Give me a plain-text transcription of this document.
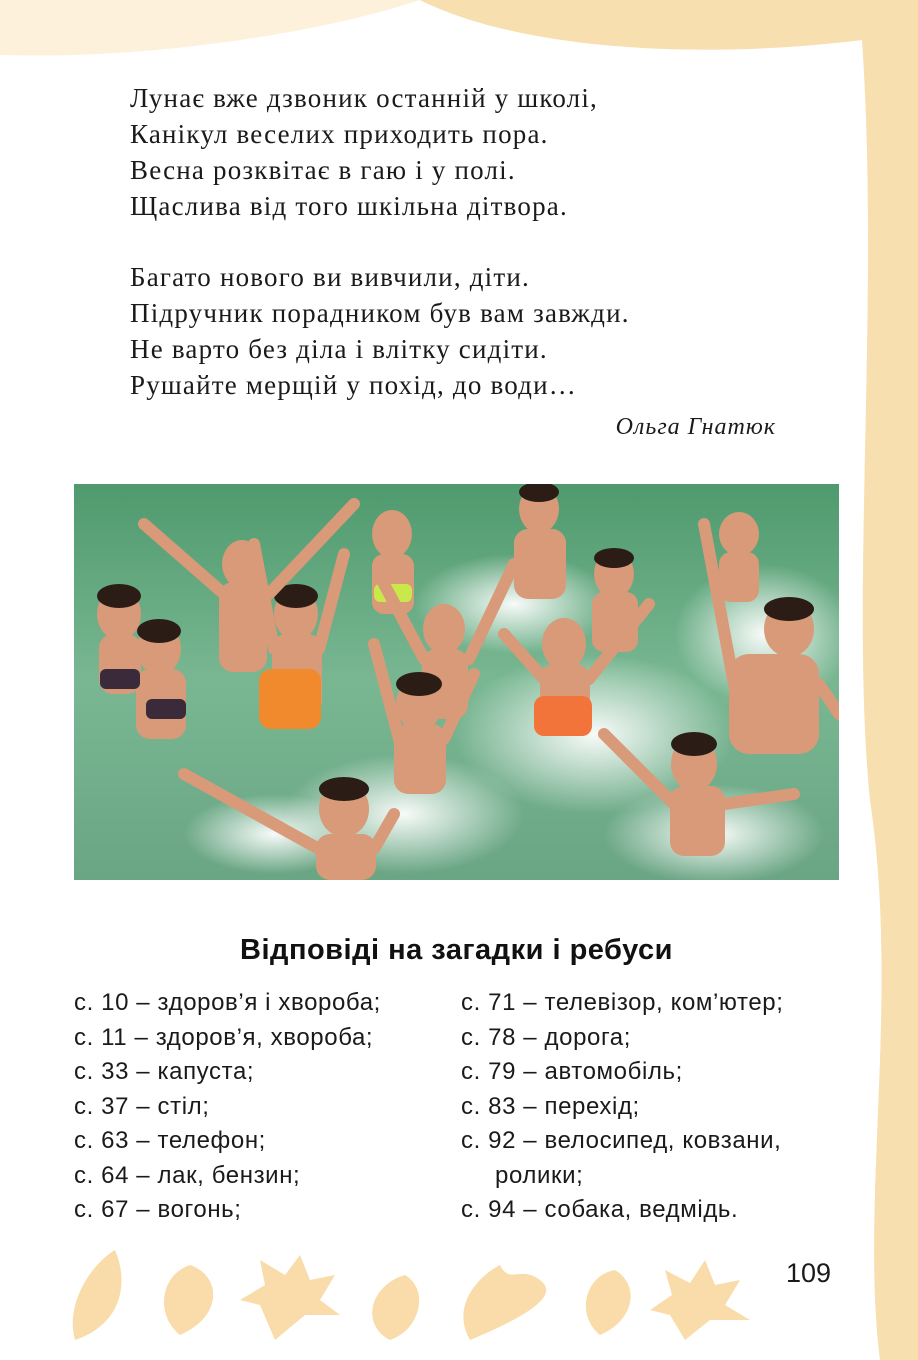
Лунає вже дзвоник останній у школі,
Канікул веселих приходить пора.
Весна розквітає в гаю і у полі.
Щаслива від того шкільна дітвора.
Багато нового ви вивчили, діти.
Підручник порадником був вам завжди.
Не варто без діла і влітку сидіти.
Рушайте мерщій у похід, до води…
Ольга Гнатюк
Відповіді на загадки і ребуси
с. 10 – здоров’я і хвороба;
с. 11 – здоров’я, хвороба;
с. 33 – капуста;
с. 37 – стіл;
с. 63 – телефон;
с. 64 – лак, бензин;
с. 67 – вогонь;
с. 71 – телевізор, ком’ютер;
с. 78 – дорога;
с. 79 – автомобіль;
с. 83 – перехід;
с. 92 – велосипед, ковзани,
ролики;
с. 94 – собака, ведмідь.
109
